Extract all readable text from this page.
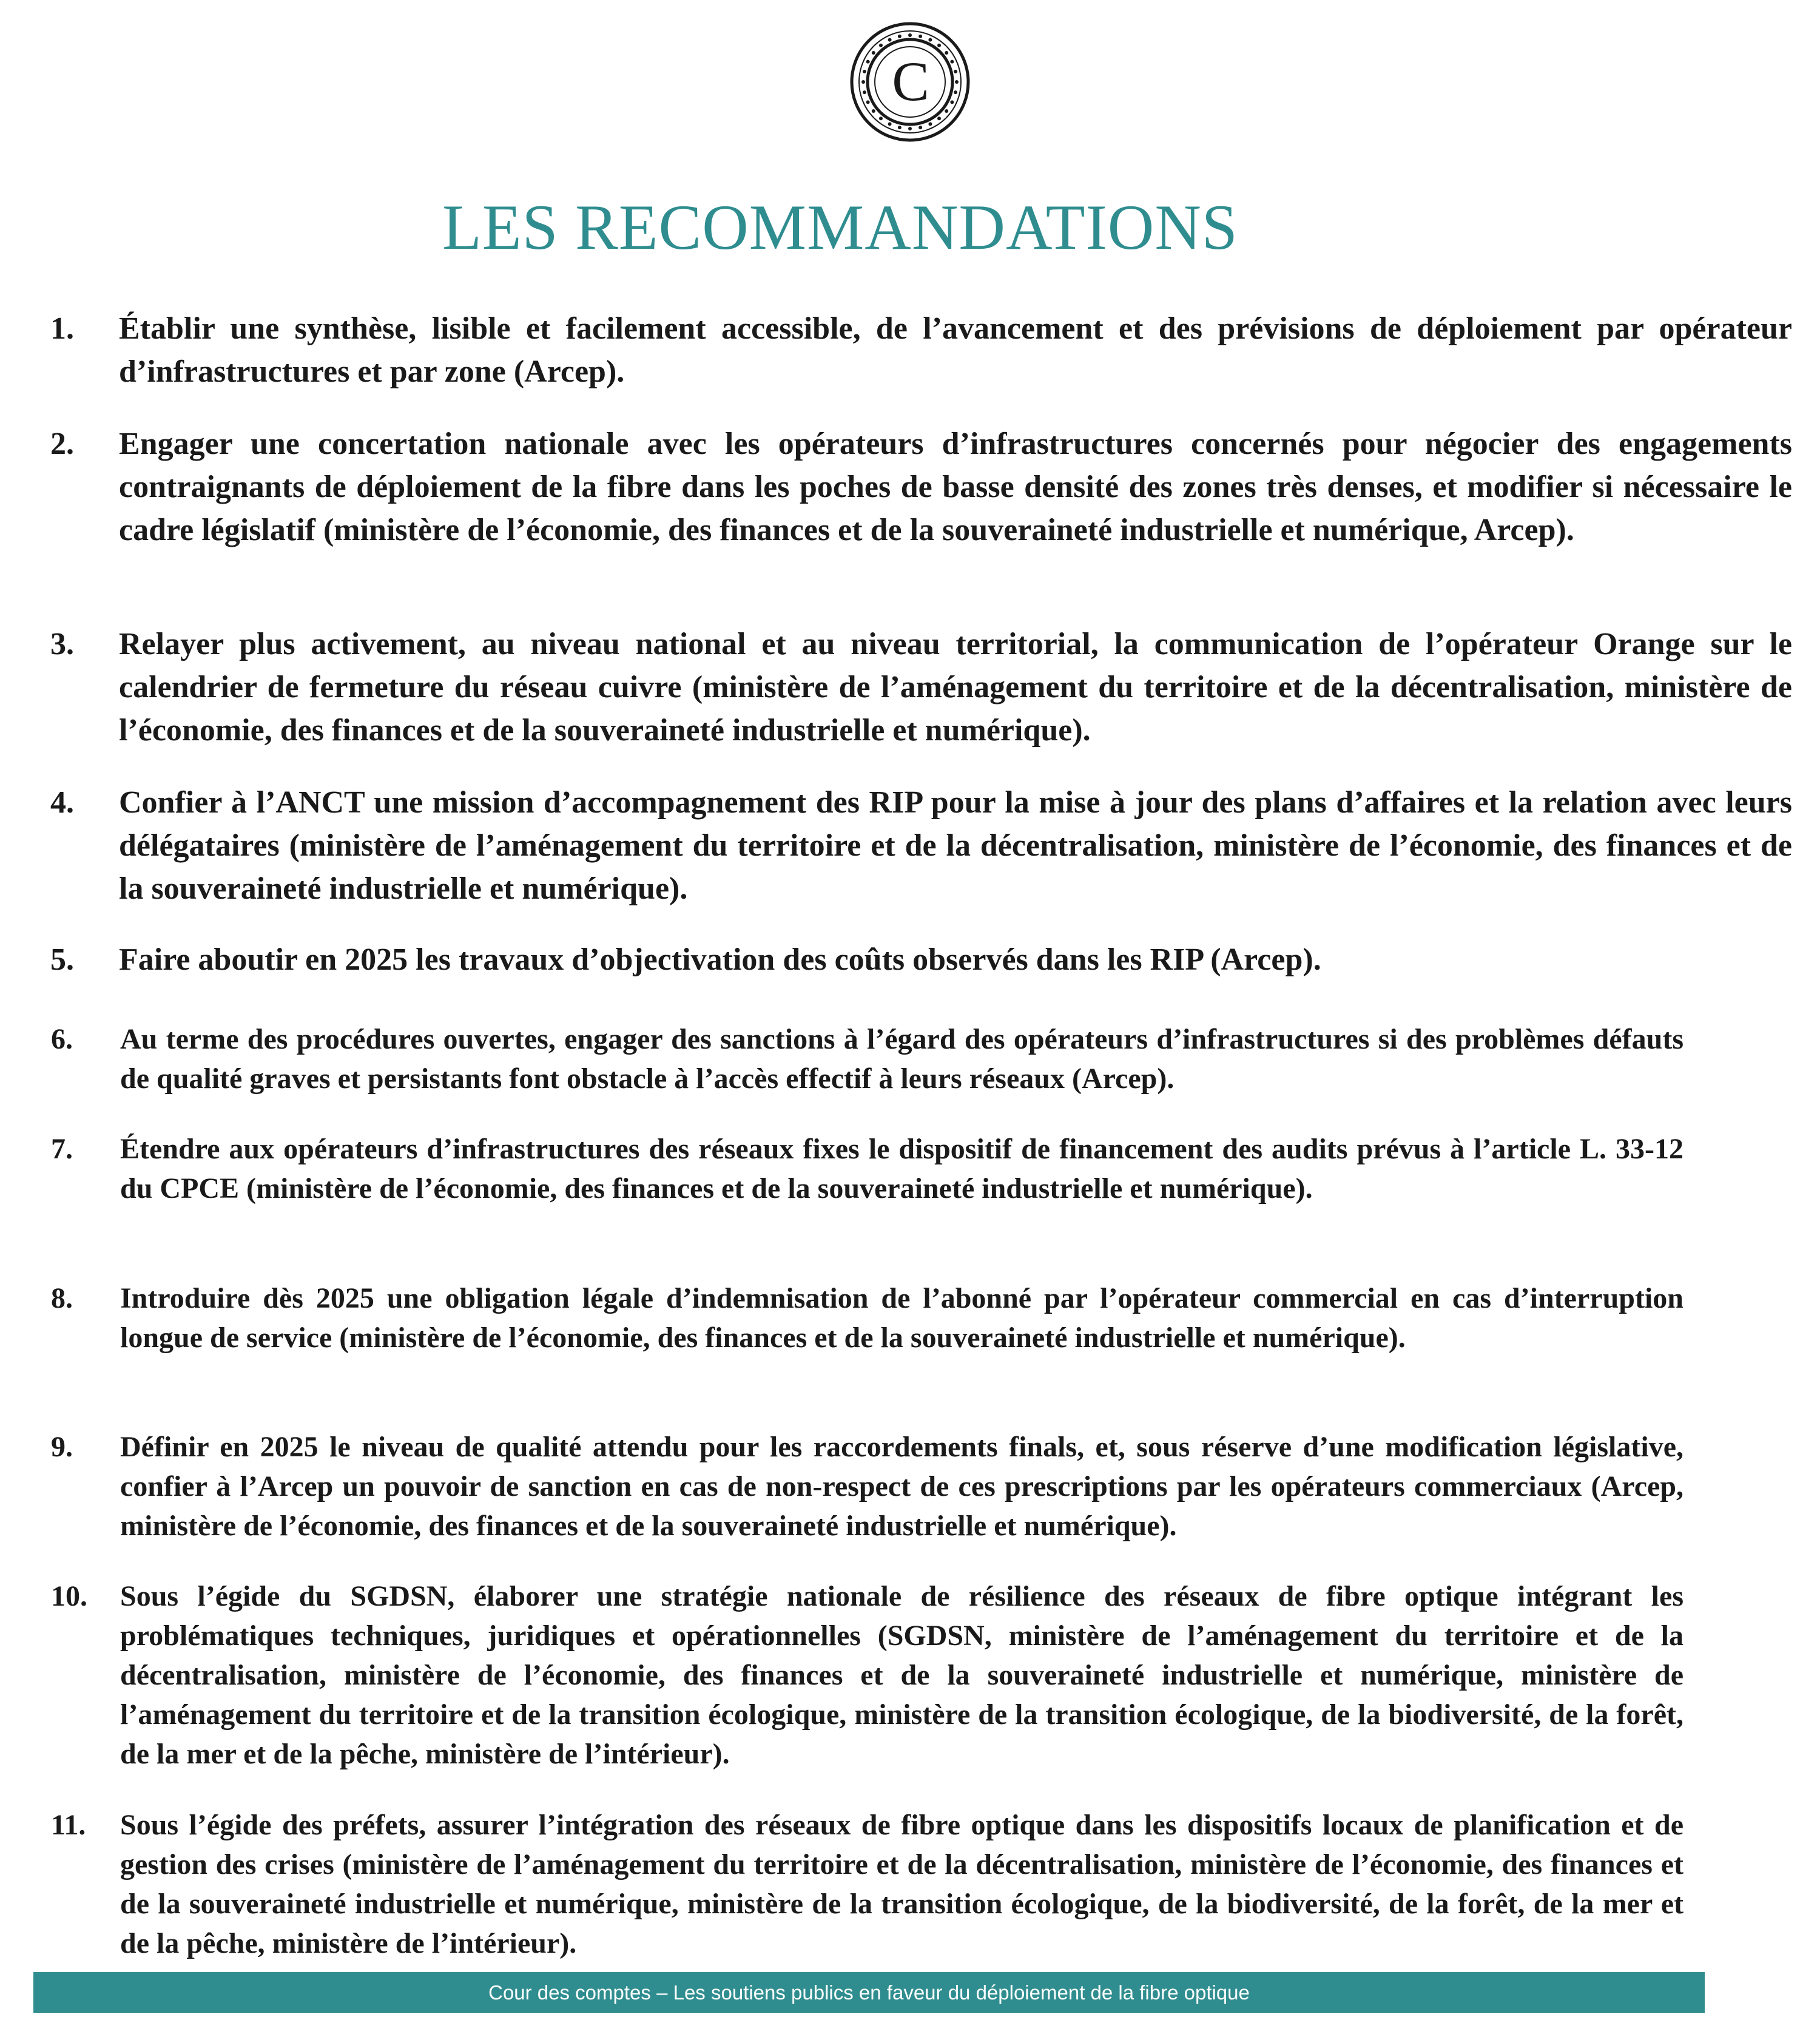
C
LES RECOMMANDATIONS
1. Établir une synthèse, lisible et facilement accessible, de l’avancement et des prévisions de déploiement par opérateur d’infrastructures et par zone (Arcep).
2. Engager une concertation nationale avec les opérateurs d’infrastructures concernés pour négocier des engagements contraignants de déploiement de la fibre dans les poches de basse densité des zones très denses, et modifier si nécessaire le cadre législatif (ministère de l’économie, des finances et de la souveraineté industrielle et numérique, Arcep).
3. Relayer plus activement, au niveau national et au niveau territorial, la communication de l’opérateur Orange sur le calendrier de fermeture du réseau cuivre (ministère de l’aménagement du territoire et de la décentralisation, ministère de l’économie, des finances et de la souveraineté industrielle et numérique).
4. Confier à l’ANCT une mission d’accompagnement des RIP pour la mise à jour des plans d’affaires et la relation avec leurs délégataires (ministère de l’aménagement du territoire et de la décentralisation, ministère de l’économie, des finances et de la souveraineté industrielle et numérique).
5. Faire aboutir en 2025 les travaux d’objectivation des coûts observés dans les RIP (Arcep).
6. Au terme des procédures ouvertes, engager des sanctions à l’égard des opérateurs d’infrastructures si des problèmes défauts de qualité graves et persistants font obstacle à l’accès effectif à leurs réseaux (Arcep).
7. Étendre aux opérateurs d’infrastructures des réseaux fixes le dispositif de financement des audits prévus à l’article L. 33-12 du CPCE (ministère de l’économie, des finances et de la souveraineté industrielle et numérique).
8. Introduire dès 2025 une obligation légale d’indemnisation de l’abonné par l’opérateur commercial en cas d’interruption longue de service (ministère de l’économie, des finances et de la souveraineté industrielle et numérique).
9. Définir en 2025 le niveau de qualité attendu pour les raccordements finals, et, sous réserve d’une modification législative, confier à l’Arcep un pouvoir de sanction en cas de non-respect de ces prescriptions par les opérateurs commerciaux (Arcep, ministère de l’économie, des finances et de la souveraineté industrielle et numérique).
10. Sous l’égide du SGDSN, élaborer une stratégie nationale de résilience des réseaux de fibre optique intégrant les problématiques techniques, juridiques et opérationnelles (SGDSN, ministère de l’aménagement du territoire et de la décentralisation, ministère de l’économie, des finances et de la souveraineté industrielle et numérique, ministère de l’aménagement du territoire et de la transition écologique, ministère de la transition écologique, de la biodiversité, de la forêt, de la mer et de la pêche, ministère de l’intérieur).
11. Sous l’égide des préfets, assurer l’intégration des réseaux de fibre optique dans les dispositifs locaux de planification et de gestion des crises (ministère de l’aménagement du territoire et de la décentralisation, ministère de l’économie, des finances et de la souveraineté industrielle et numérique, ministère de la transition écologique, de la biodiversité, de la forêt, de la mer et de la pêche, ministère de l’intérieur).
Cour des comptes – Les soutiens publics en faveur du déploiement de la fibre optique
